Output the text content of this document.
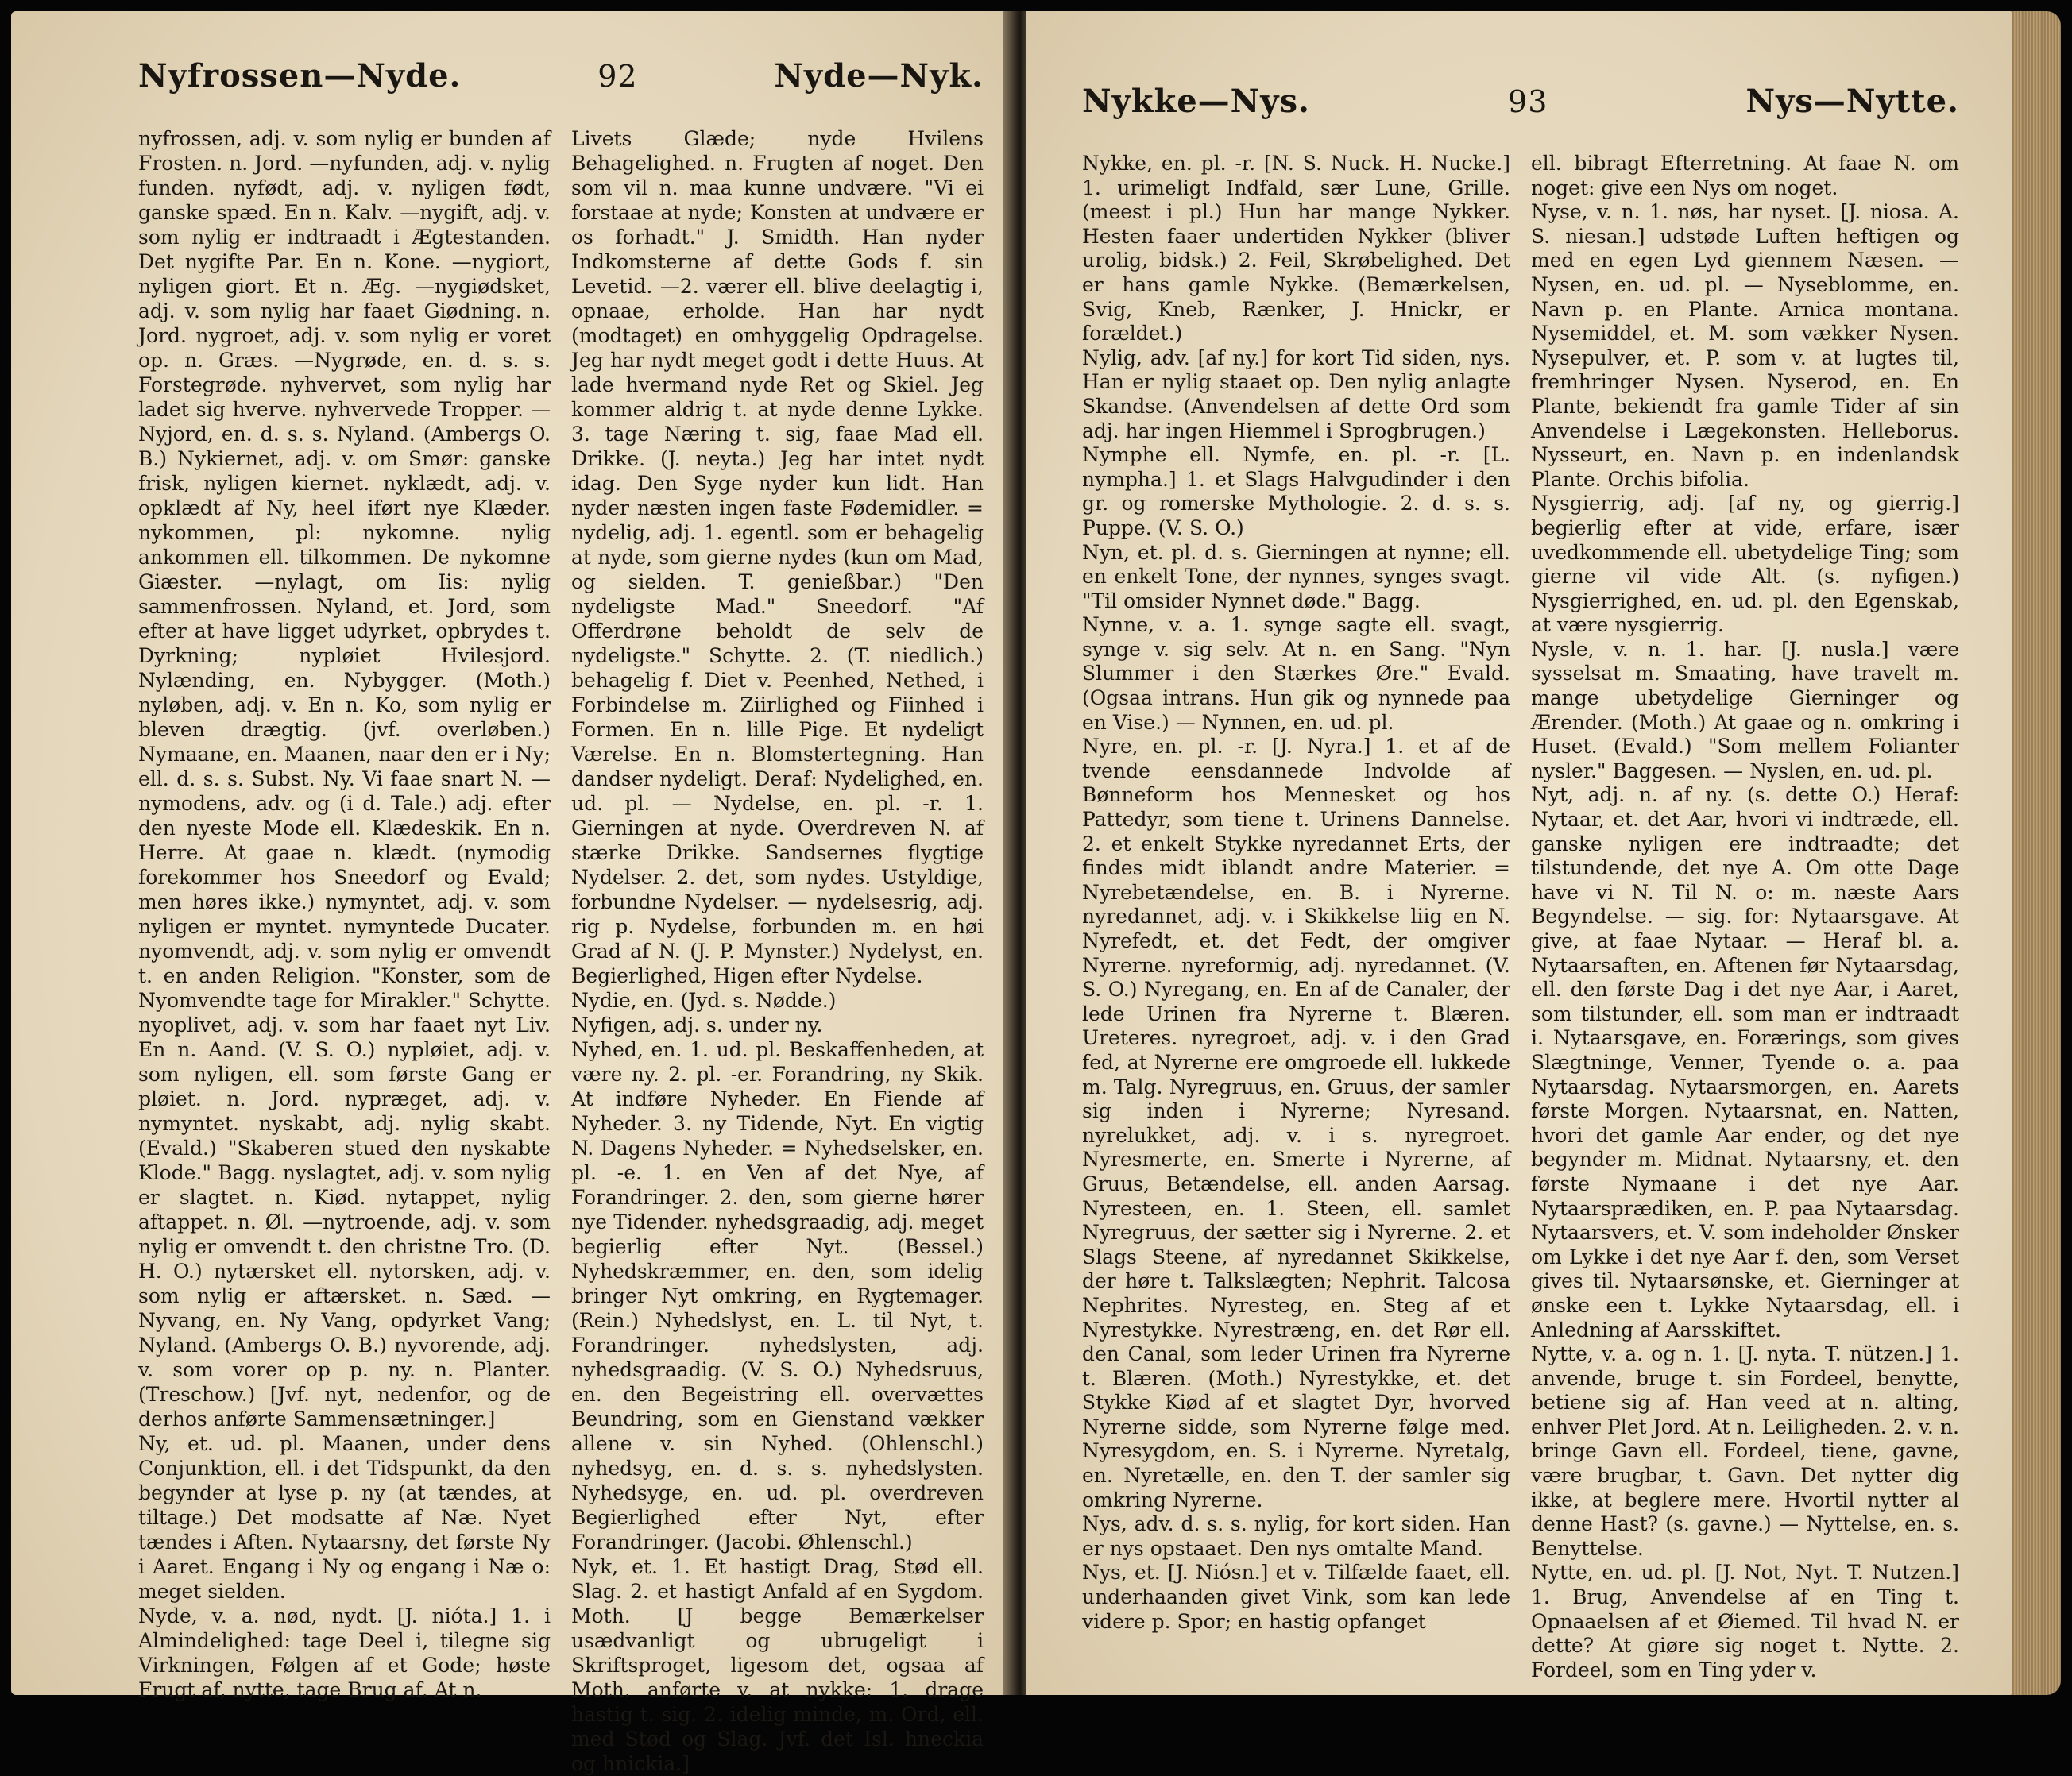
Nyfrossen—Nyde.	92	Nyde—Nyk.
nyfrossen, adj. v. som nylig er bunden af Frosten. n. Jord. —nyfunden, adj. v. nylig funden. nyfødt, adj. v. nyligen født, ganske spæd. En n. Kalv. —nygift, adj. v. som nylig er indtraadt i Ægtestanden. Det nygifte Par. En n. Kone. —nygiort, nyligen giort. Et n. Æg. —nygiødsket, adj. v. som nylig har faaet Giødning. n. Jord. nygroet, adj. v. som nylig er voret op. n. Græs. —Nygrøde, en. d. s. s. Forstegrøde. nyhvervet, som nylig har ladet sig hverve. nyhvervede Tropper. —Nyjord, en. d. s. s. Nyland. (Ambergs O. B.) Nykiernet, adj. v. om Smør: ganske frisk, nyligen kiernet. nyklædt, adj. v. opklædt af Ny, heel iført nye Klæder. nykommen, pl: nykomne. nylig ankommen ell. tilkommen. De nykomne Giæster. —nylagt, om Iis: nylig sammenfrossen. Nyland, et. Jord, som efter at have ligget udyrket, opbrydes t. Dyrkning; nypløiet Hvilesjord. Nylænding, en. Nybygger. (Moth.) nyløben, adj. v. En n. Ko, som nylig er bleven drægtig. (jvf. overløben.) Nymaane, en. Maanen, naar den er i Ny; ell. d. s. s. Subst. Ny. Vi faae snart N. —nymodens, adv. og (i d. Tale.) adj. efter den nyeste Mode ell. Klædeskik. En n. Herre. At gaae n. klædt. (nymodig forekommer hos Sneedorf og Evald; men høres ikke.) nymyntet, adj. v. som nyligen er myntet. nymyntede Ducater. nyomvendt, adj. v. som nylig er omvendt t. en anden Religion. "Konster, som de Nyomvendte tage for Mirakler." Schytte. nyoplivet, adj. v. som har faaet nyt Liv. En n. Aand. (V. S. O.) nypløiet, adj. v. som nyligen, ell. som første Gang er pløiet. n. Jord. nypræget, adj. v. nymyntet. nyskabt, adj. nylig skabt. (Evald.) "Skaberen stued den nyskabte Klode." Bagg. nyslagtet, adj. v. som nylig er slagtet. n. Kiød. nytappet, nylig aftappet. n. Øl. —nytroende, adj. v. som nylig er omvendt t. den christne Tro. (D. H. O.) nytærsket ell. nytorsken, adj. v. som nylig er aftærsket. n. Sæd. —Nyvang, en. Ny Vang, opdyrket Vang; Nyland. (Ambergs O. B.) nyvorende, adj. v. som vorer op p. ny. n. Planter. (Treschow.) [Jvf. nyt, nedenfor, og de derhos anførte Sammensætninger.]
Ny, et. ud. pl. Maanen, under dens Conjunktion, ell. i det Tidspunkt, da den begynder at lyse p. ny (at tændes, at tiltage.) Det modsatte af Næ. Nyet tændes i Aften. Nytaarsny, det første Ny i Aaret. Engang i Ny og engang i Næ o: meget sielden.
Nyde, v. a. nød, nydt. [J. nióta.] 1. i Almindelighed: tage Deel i, tilegne sig Virkningen, Følgen af et Gode; høste Frugt af, nytte, tage Brug af. At n.
Livets Glæde; nyde Hvilens Behagelighed. n. Frugten af noget. Den som vil n. maa kunne undvære. "Vi ei forstaae at nyde; Konsten at undvære er os forhadt." J. Smidth. Han nyder Indkomsterne af dette Gods f. sin Levetid. —2. værer ell. blive deelagtig i, opnaae, erholde. Han har nydt (modtaget) en omhyggelig Opdragelse. Jeg har nydt meget godt i dette Huus. At lade hvermand nyde Ret og Skiel. Jeg kommer aldrig t. at nyde denne Lykke. 3. tage Næring t. sig, faae Mad ell. Drikke. (J. neyta.) Jeg har intet nydt idag. Den Syge nyder kun lidt. Han nyder næsten ingen faste Fødemidler. = nydelig, adj. 1. egentl. som er behagelig at nyde, som gierne nydes (kun om Mad, og sielden. T. genießbar.) "Den nydeligste Mad." Sneedorf. "Af Offerdrøne beholdt de selv de nydeligste." Schytte. 2. (T. niedlich.) behagelig f. Diet v. Peenhed, Nethed, i Forbindelse m. Ziirlighed og Fiinhed i Formen. En n. lille Pige. Et nydeligt Værelse. En n. Blomstertegning. Han dandser nydeligt. Deraf: Nydelighed, en. ud. pl. — Nydelse, en. pl. -r. 1. Gierningen at nyde. Overdreven N. af stærke Drikke. Sandsernes flygtige Nydelser. 2. det, som nydes. Ustyldige, forbundne Nydelser. — nydelsesrig, adj. rig p. Nydelse, forbunden m. en høi Grad af N. (J. P. Mynster.) Nydelyst, en. Begierlighed, Higen efter Nydelse.
Nydie, en. (Jyd. s. Nødde.)
Nyfigen, adj. s. under ny.
Nyhed, en. 1. ud. pl. Beskaffenheden, at være ny. 2. pl. -er. Forandring, ny Skik. At indføre Nyheder. En Fiende af Nyheder. 3. ny Tidende, Nyt. En vigtig N. Dagens Nyheder. = Nyhedselsker, en. pl. -e. 1. en Ven af det Nye, af Forandringer. 2. den, som gierne hører nye Tidender. nyhedsgraadig, adj. meget begierlig efter Nyt. (Bessel.) Nyhedskræmmer, en. den, som idelig bringer Nyt omkring, en Rygtemager. (Rein.) Nyhedslyst, en. L. til Nyt, t. Forandringer. nyhedslysten, adj. nyhedsgraadig. (V. S. O.) Nyhedsruus, en. den Begeistring ell. overvættes Beundring, som en Gienstand vækker allene v. sin Nyhed. (Ohlenschl.) nyhedsyg, en. d. s. s. nyhedslysten. Nyhedsyge, en. ud. pl. overdreven Begierlighed efter Nyt, efter Forandringer. (Jacobi. Øhlenschl.)
Nyk, et. 1. Et hastigt Drag, Stød ell. Slag. 2. et hastigt Anfald af en Sygdom. Moth. [J begge Bemærkelser usædvanligt og ubrugeligt i Skriftsproget, ligesom det, ogsaa af Moth. anførte v. at nykke: 1. drage hastig t. sig. 2. idelig minde, m. Ord, ell. med Stød og Slag. Jvf. det Isl. hneckia og hnickia.]
Nykke—Nys.	93	Nys—Nytte.
Nykke, en. pl. -r. [N. S. Nuck. H. Nucke.] 1. urimeligt Indfald, sær Lune, Grille. (meest i pl.) Hun har mange Nykker. Hesten faaer undertiden Nykker (bliver urolig, bidsk.) 2. Feil, Skrøbelighed. Det er hans gamle Nykke. (Bemærkelsen, Svig, Kneb, Rænker, J. Hnickr, er forældet.)
Nylig, adv. [af ny.] for kort Tid siden, nys. Han er nylig staaet op. Den nylig anlagte Skandse. (Anvendelsen af dette Ord som adj. har ingen Hiemmel i Sprogbrugen.)
Nymphe ell. Nymfe, en. pl. -r. [L. nympha.] 1. et Slags Halvgudinder i den gr. og romerske Mythologie. 2. d. s. s. Puppe. (V. S. O.)
Nyn, et. pl. d. s. Gierningen at nynne; ell. en enkelt Tone, der nynnes, synges svagt. "Til omsider Nynnet døde." Bagg.
Nynne, v. a. 1. synge sagte ell. svagt, synge v. sig selv. At n. en Sang. "Nyn Slummer i den Stærkes Øre." Evald. (Ogsaa intrans. Hun gik og nynnede paa en Vise.) — Nynnen, en. ud. pl.
Nyre, en. pl. -r. [J. Nyra.] 1. et af de tvende eensdannede Indvolde af Bønneform hos Mennesket og hos Pattedyr, som tiene t. Urinens Dannelse. 2. et enkelt Stykke nyredannet Erts, der findes midt iblandt andre Materier. = Nyrebetændelse, en. B. i Nyrerne. nyredannet, adj. v. i Skikkelse liig en N. Nyrefedt, et. det Fedt, der omgiver Nyrerne. nyreformig, adj. nyredannet. (V. S. O.) Nyregang, en. En af de Canaler, der lede Urinen fra Nyrerne t. Blæren. Ureteres. nyregroet, adj. v. i den Grad fed, at Nyrerne ere omgroede ell. lukkede m. Talg. Nyregruus, en. Gruus, der samler sig inden i Nyrerne; Nyresand. nyrelukket, adj. v. i s. nyregroet. Nyresmerte, en. Smerte i Nyrerne, af Gruus, Betændelse, ell. anden Aarsag. Nyresteen, en. 1. Steen, ell. samlet Nyregruus, der sætter sig i Nyrerne. 2. et Slags Steene, af nyredannet Skikkelse, der høre t. Talkslægten; Nephrit. Talcosa Nephrites. Nyresteg, en. Steg af et Nyrestykke. Nyrestræng, en. det Rør ell. den Canal, som leder Urinen fra Nyrerne t. Blæren. (Moth.) Nyrestykke, et. det Stykke Kiød af et slagtet Dyr, hvorved Nyrerne sidde, som Nyrerne følge med. Nyresygdom, en. S. i Nyrerne. Nyretalg, en. Nyretælle, en. den T. der samler sig omkring Nyrerne.
Nys, adv. d. s. s. nylig, for kort siden. Han er nys opstaaet. Den nys omtalte Mand.
Nys, et. [J. Niósn.] et v. Tilfælde faaet, ell. underhaanden givet Vink, som kan lede videre p. Spor; en hastig opfanget
ell. bibragt Efterretning. At faae N. om noget: give een Nys om noget.
Nyse, v. n. 1. nøs, har nyset. [J. niosa. A. S. niesan.] udstøde Luften heftigen og med en egen Lyd giennem Næsen. — Nysen, en. ud. pl. — Nyseblomme, en. Navn p. en Plante. Arnica montana. Nysemiddel, et. M. som vækker Nysen. Nysepulver, et. P. som v. at lugtes til, fremhringer Nysen. Nyserod, en. En Plante, bekiendt fra gamle Tider af sin Anvendelse i Lægekonsten. Helleborus. Nysseurt, en. Navn p. en indenlandsk Plante. Orchis bifolia.
Nysgierrig, adj. [af ny, og gierrig.] begierlig efter at vide, erfare, især uvedkommende ell. ubetydelige Ting; som gierne vil vide Alt. (s. nyfigen.) Nysgierrighed, en. ud. pl. den Egenskab, at være nysgierrig.
Nysle, v. n. 1. har. [J. nusla.] være sysselsat m. Smaating, have travelt m. mange ubetydelige Gierninger og Ærender. (Moth.) At gaae og n. omkring i Huset. (Evald.) "Som mellem Folianter nysler." Baggesen. — Nyslen, en. ud. pl.
Nyt, adj. n. af ny. (s. dette O.) Heraf: Nytaar, et. det Aar, hvori vi indtræde, ell. ganske nyligen ere indtraadte; det tilstundende, det nye A. Om otte Dage have vi N. Til N. o: m. næste Aars Begyndelse. — sig. for: Nytaarsgave. At give, at faae Nytaar. — Heraf bl. a. Nytaarsaften, en. Aftenen før Nytaarsdag, ell. den første Dag i det nye Aar, i Aaret, som tilstunder, ell. som man er indtraadt i. Nytaarsgave, en. Forærings, som gives Slægtninge, Venner, Tyende o. a. paa Nytaarsdag. Nytaarsmorgen, en. Aarets første Morgen. Nytaarsnat, en. Natten, hvori det gamle Aar ender, og det nye begynder m. Midnat. Nytaarsny, et. den første Nymaane i det nye Aar. Nytaarsprædiken, en. P. paa Nytaarsdag. Nytaarsvers, et. V. som indeholder Ønsker om Lykke i det nye Aar f. den, som Verset gives til. Nytaarsønske, et. Gierninger at ønske een t. Lykke Nytaarsdag, ell. i Anledning af Aarsskiftet.
Nytte, v. a. og n. 1. [J. nyta. T. nützen.] 1. anvende, bruge t. sin Fordeel, benytte, betiene sig af. Han veed at n. alting, enhver Plet Jord. At n. Leiligheden. 2. v. n. bringe Gavn ell. Fordeel, tiene, gavne, være brugbar, t. Gavn. Det nytter dig ikke, at beglere mere. Hvortil nytter al denne Hast? (s. gavne.) — Nyttelse, en. s. Benyttelse.
Nytte, en. ud. pl. [J. Not, Nyt. T. Nutzen.] 1. Brug, Anvendelse af en Ting t. Opnaaelsen af et Øiemed. Til hvad N. er dette? At giøre sig noget t. Nytte. 2. Fordeel, som en Ting yder v.
